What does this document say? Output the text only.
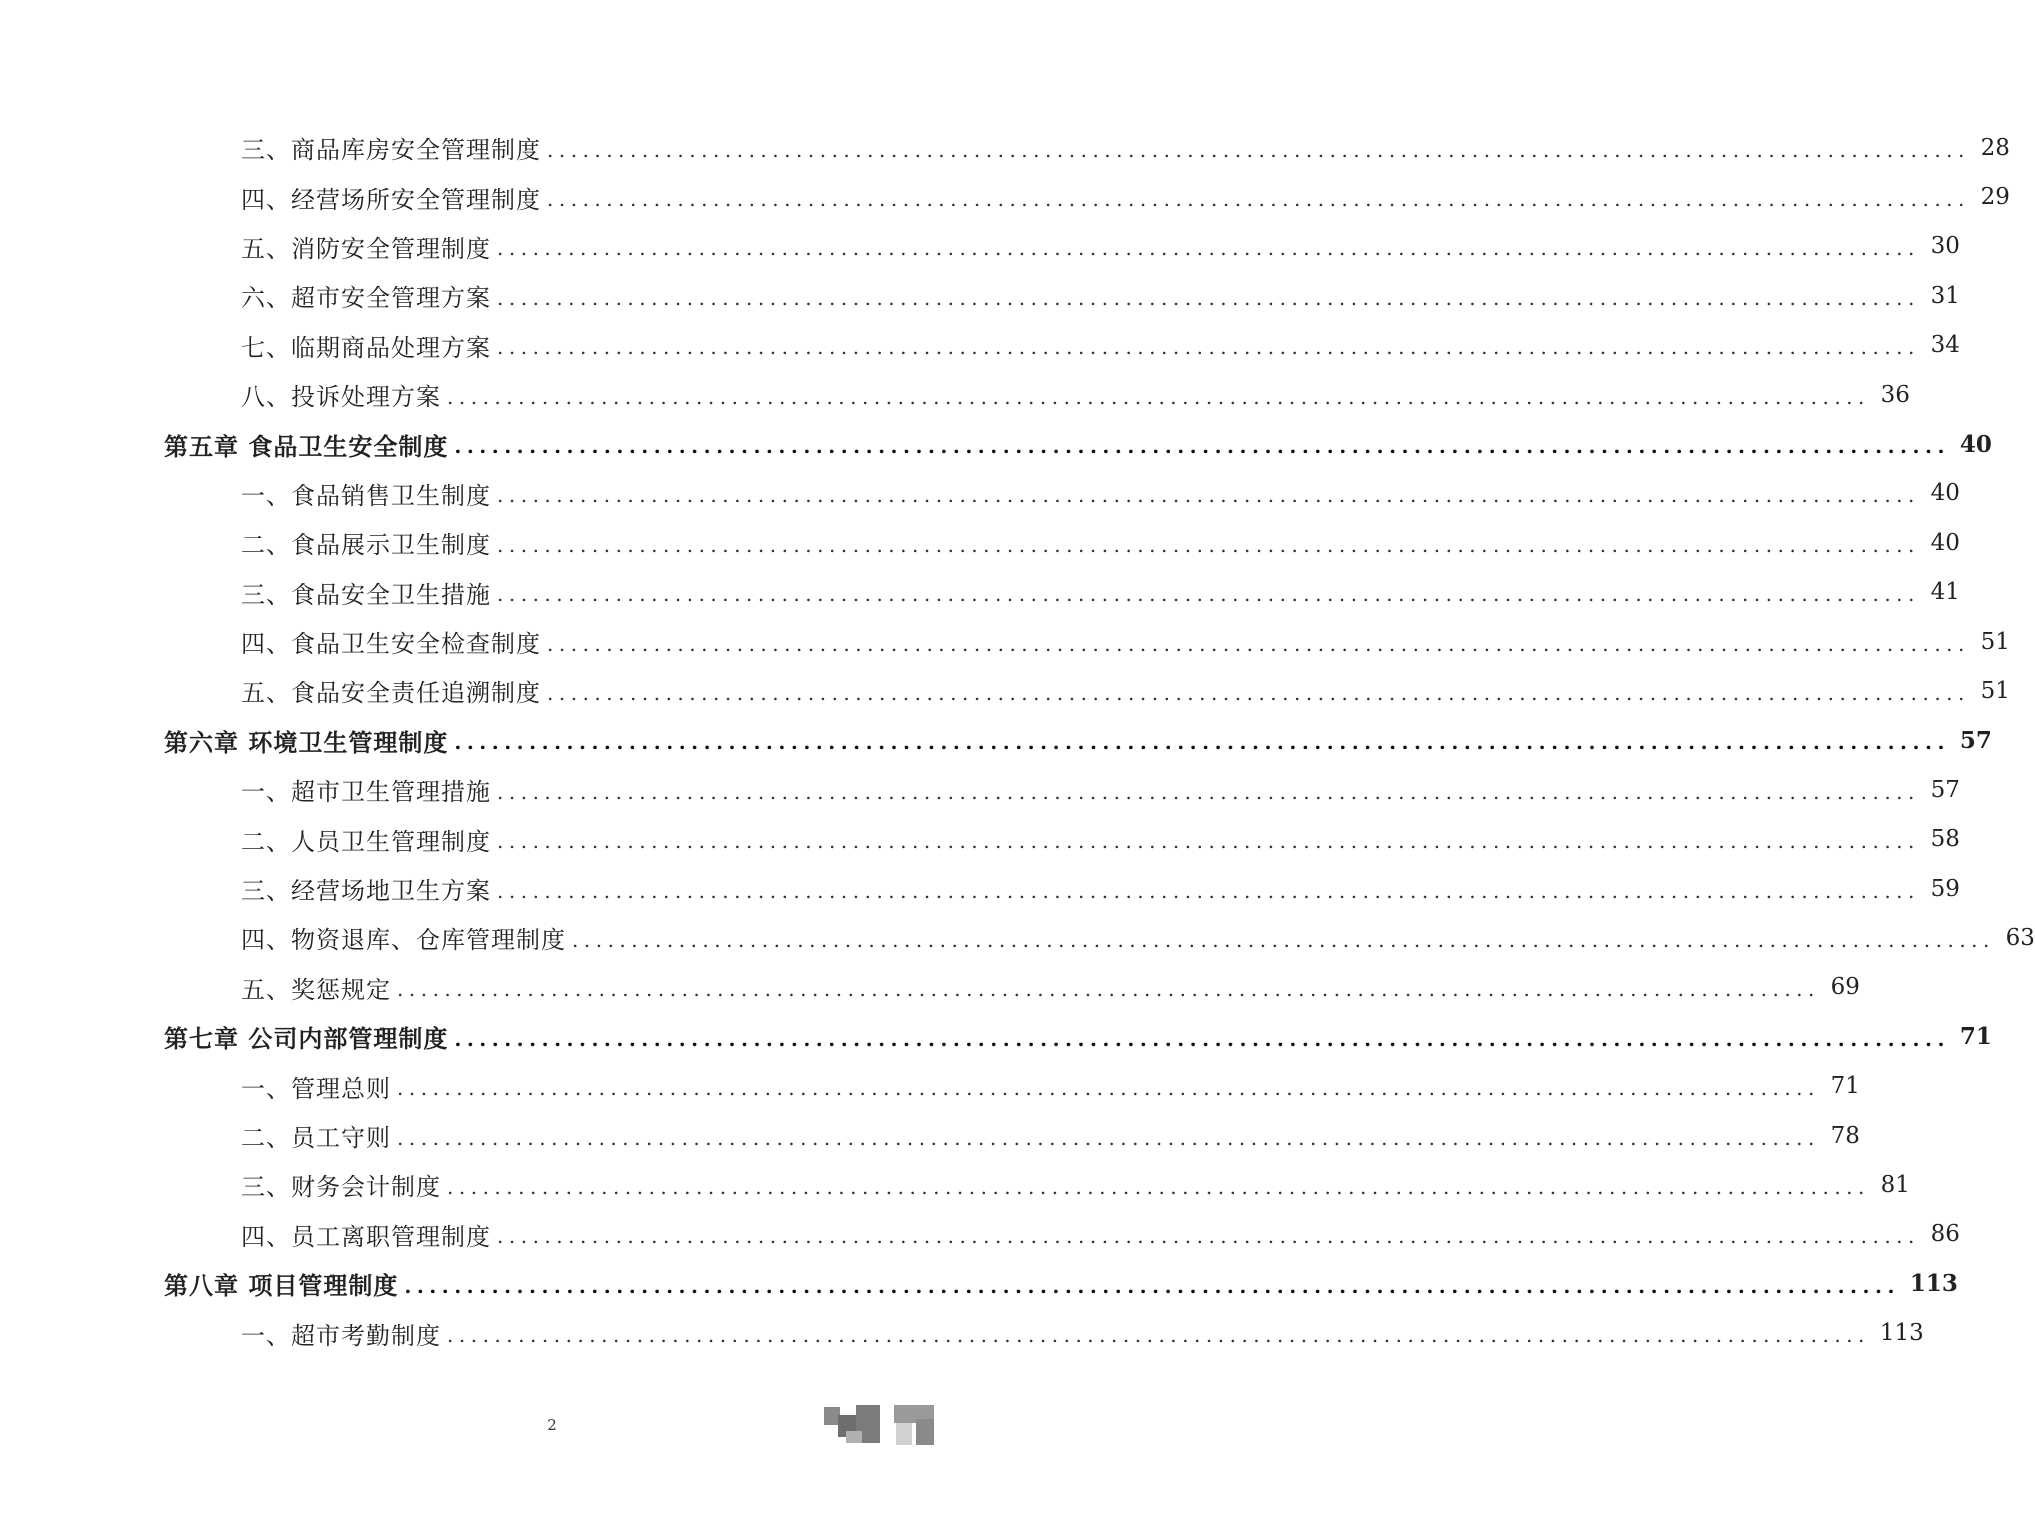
三、商品库房安全管理制度 ........................................................................................................................ 28
四、经营场所安全管理制度 ........................................................................................................................ 29
五、消防安全管理制度 ........................................................................................................................ 30
六、超市安全管理方案 ........................................................................................................................ 31
七、临期商品处理方案 ........................................................................................................................ 34
八、投诉处理方案 ........................................................................................................................ 36
第五章 食品卫生安全制度 ........................................................................................................................ 40
一、食品销售卫生制度 ........................................................................................................................ 40
二、食品展示卫生制度 ........................................................................................................................ 40
三、食品安全卫生措施 ........................................................................................................................ 41
四、食品卫生安全检查制度 ........................................................................................................................ 51
五、食品安全责任追溯制度 ........................................................................................................................ 51
第六章 环境卫生管理制度 ........................................................................................................................ 57
一、超市卫生管理措施 ........................................................................................................................ 57
二、人员卫生管理制度 ........................................................................................................................ 58
三、经营场地卫生方案 ........................................................................................................................ 59
四、物资退库、仓库管理制度 ........................................................................................................................ 63
五、奖惩规定 ........................................................................................................................ 69
第七章 公司内部管理制度 ........................................................................................................................ 71
一、管理总则 ........................................................................................................................ 71
二、员工守则 ........................................................................................................................ 78
三、财务会计制度 ........................................................................................................................ 81
四、员工离职管理制度 ........................................................................................................................ 86
第八章 项目管理制度 ........................................................................................................................ 113
一、超市考勤制度 ........................................................................................................................ 113
2
